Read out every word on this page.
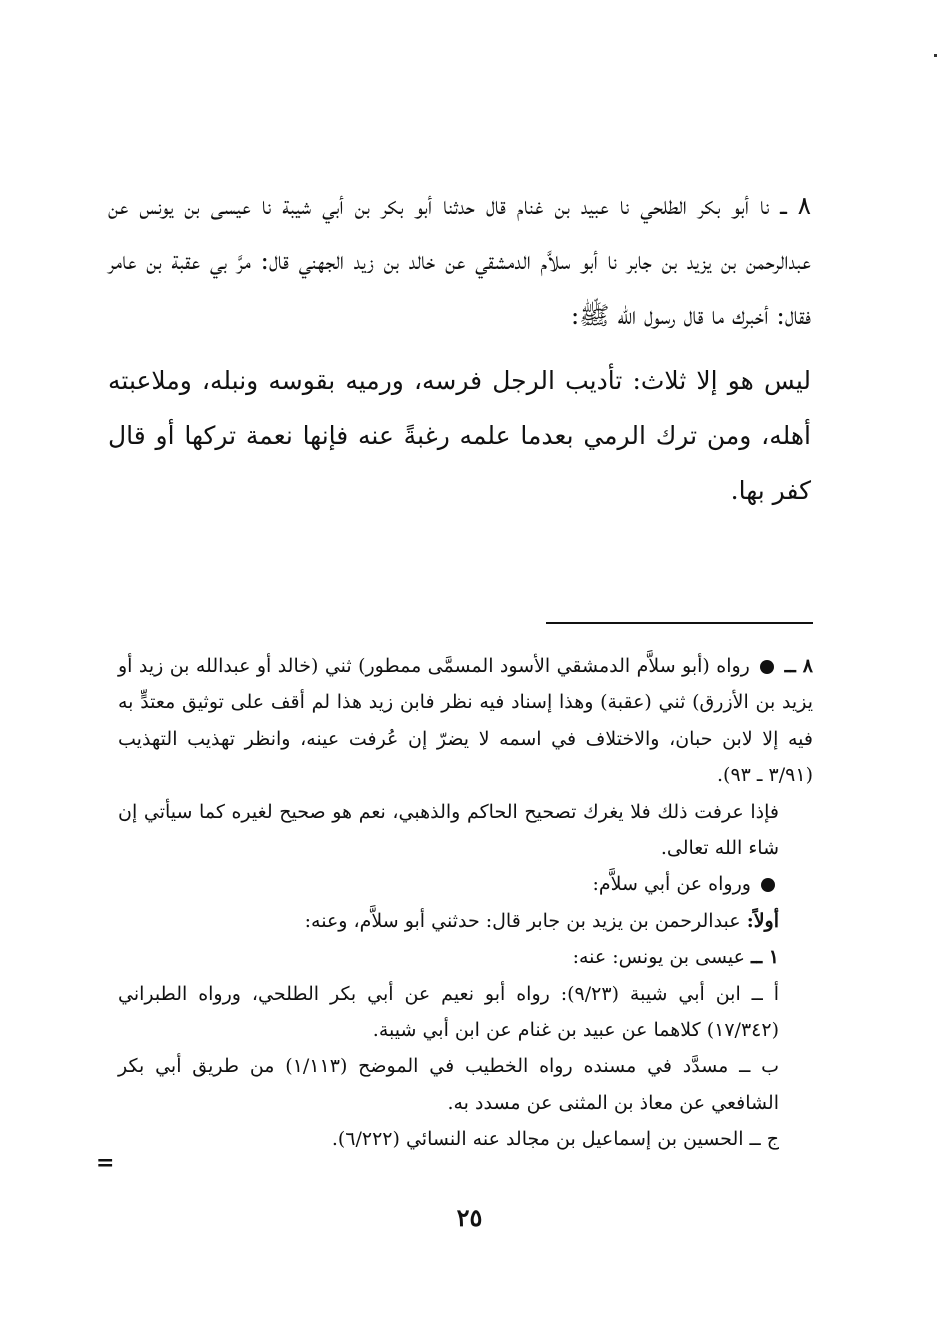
٨ ــ نا أبو بكر الطلحي نا عبيد بن غنام قال حدثنا أبو بكر بن أبي شيبة نا عيسى بن يونس عن عبدالرحمن بن يزيد بن جابر نا أبو سلاَّم الدمشقي عن خالد بن زيد الجهني قال: مرَّ بي عقبة بن عامر فقال: أخبرك ما قال رسول الله ﷺ:

ليس هو إلا ثلاث: تأديب الرجل فرسه، ورميه بقوسه ونبله، وملاعبته أهله، ومن ترك الرمي بعدما علمه رغبةً عنه فإنها نعمة تركها أو قال كفر بها.

٨ ــ  رواه (أبو سلاَّم الدمشقي الأسود المسمَّى ممطور) ثني (خالد أو عبدالله بن زيد أو يزيد بن الأزرق) ثني (عقبة) وهذا إسناد فيه نظر فابن زيد هذا لم أقف على توثيق معتدٍّ به فيه إلا لابن حبان، والاختلاف في اسمه لا يضرّ إن عُرفت عينه، وانظر تهذيب التهذيب (٣/٩١ ـ ٩٣).

فإذا عرفت ذلك فلا يغرك تصحيح الحاكم والذهبي، نعم هو صحيح لغيره كما سيأتي إن شاء الله تعالى.

ورواه عن أبي سلاَّم:

أولاً: عبدالرحمن بن يزيد بن جابر قال: حدثني أبو سلاَّم، وعنه:

١ ــ عيسى بن يونس: عنه:

أ ــ ابن أبي شيبة (٩/٢٣): رواه أبو نعيم عن أبي بكر الطلحي، ورواه الطبراني (١٧/٣٤٢) كلاهما عن عبيد بن غنام عن ابن أبي شيبة.

ب ــ مسدَّد في مسنده رواه الخطيب في الموضح (١/١١٣) من طريق أبي بكر الشافعي عن معاذ بن المثنى عن مسدد به.

ج ــ الحسين بن إسماعيل بن مجالد عنه النسائي (٦/٢٢٢).

=
٢٥
